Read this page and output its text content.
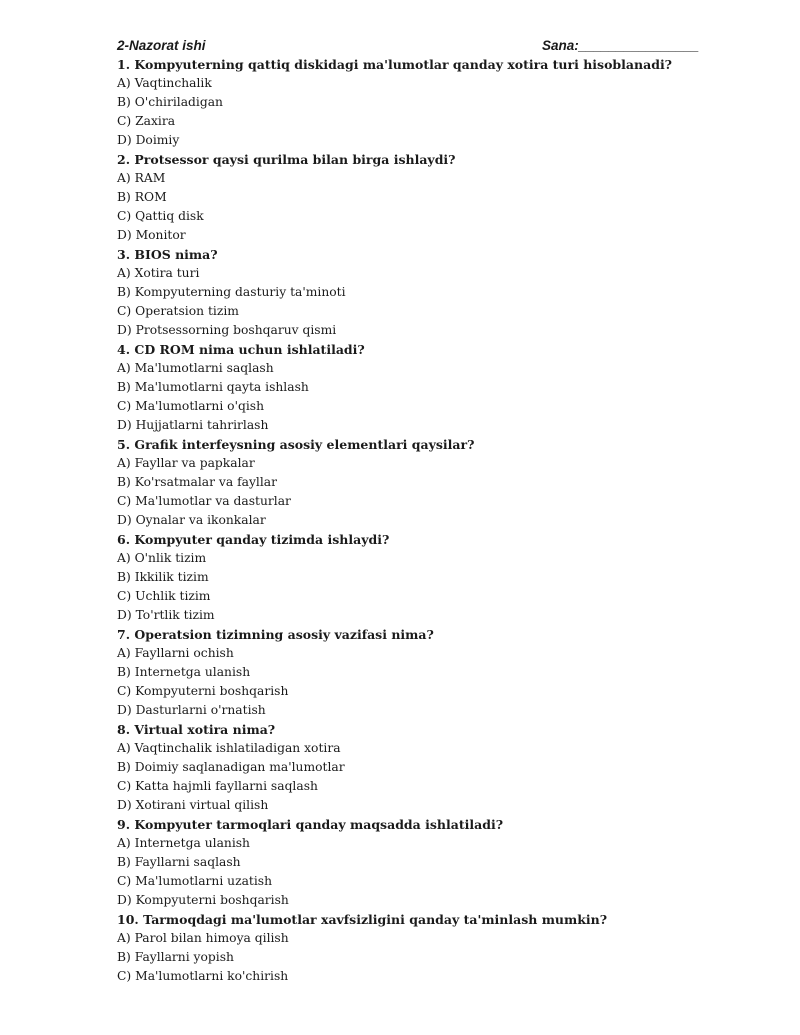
2-Nazorat ishi	Sana:________________
1. Kompyuterning qattiq diskidagi ma'lumotlar qanday xotira turi hisoblanadi?
A) Vaqtinchalik
B) O'chiriladigan
C) Zaxira
D) Doimiy
2. Protsessor qaysi qurilma bilan birga ishlaydi?
A) RAM
B) ROM
C) Qattiq disk
D) Monitor
3. BIOS nima?
A) Xotira turi
B) Kompyuterning dasturiy ta'minoti
C) Operatsion tizim
D) Protsessorning boshqaruv qismi
4. CD ROM nima uchun ishlatiladi?
A) Ma'lumotlarni saqlash
B) Ma'lumotlarni qayta ishlash
C) Ma'lumotlarni o'qish
D) Hujjatlarni tahrirlash
5. Grafik interfeysning asosiy elementlari qaysilar?
A) Fayllar va papkalar
B) Ko'rsatmalar va fayllar
C) Ma'lumotlar va dasturlar
D) Oynalar va ikonkalar
6. Kompyuter qanday tizimda ishlaydi?
A) O'nlik tizim
B) Ikkilik tizim
C) Uchlik tizim
D) To'rtlik tizim
7. Operatsion tizimning asosiy vazifasi nima?
A) Fayllarni ochish
B) Internetga ulanish
C) Kompyuterni boshqarish
D) Dasturlarni o'rnatish
8. Virtual xotira nima?
A) Vaqtinchalik ishlatiladigan xotira
B) Doimiy saqlanadigan ma'lumotlar
C) Katta hajmli fayllarni saqlash
D) Xotirani virtual qilish
9. Kompyuter tarmoqlari qanday maqsadda ishlatiladi?
A) Internetga ulanish
B) Fayllarni saqlash
C) Ma'lumotlarni uzatish
D) Kompyuterni boshqarish
10. Tarmoqdagi ma'lumotlar xavfsizligini qanday ta'minlash mumkin?
A) Parol bilan himoya qilish
B) Fayllarni yopish
C) Ma'lumotlarni ko'chirish
